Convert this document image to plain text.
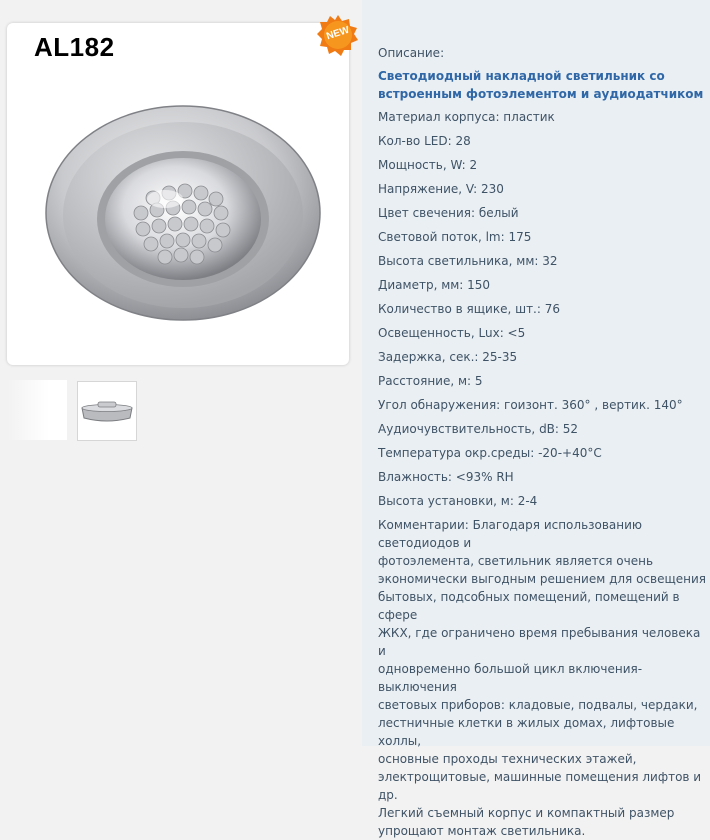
AL182	NEW
Описание:
Светодиодный накладной светильник со
встроенным фотоэлементом и аудиодатчиком
Материал корпуса: пластик
Кол-во LED: 28
Мощность, W: 2
Напряжение, V: 230
Цвет свечения: белый
Световой поток, lm: 175
Высота светильника, мм: 32
Диаметр, мм: 150
Количество в ящике, шт.: 76
Освещенность, Lux: <5
Задержка, сек.: 25-35
Расстояние, м: 5
Угол обнаружения: гоизонт. 360° , вертик. 140°
Аудиочувствительность, dB: 52
Температура окр.среды: -20-+40°С
Влажность: <93% RH
Высота установки, м: 2-4
Комментарии: Благодаря использованию светодиодов и
фотоэлемента, светильник является очень
экономически выгодным решением для освещения
бытовых, подсобных помещений, помещений в сфере
ЖКХ, где ограничено время пребывания человека и
одновременно большой цикл включения-выключения
световых приборов: кладовые, подвалы, чердаки,
лестничные клетки в жилых домах, лифтовые холлы,
основные проходы технических этажей,
электрощитовые, машинные помещения лифтов и др.
Легкий съемный корпус и компактный размер
упрощают монтаж светильника.
